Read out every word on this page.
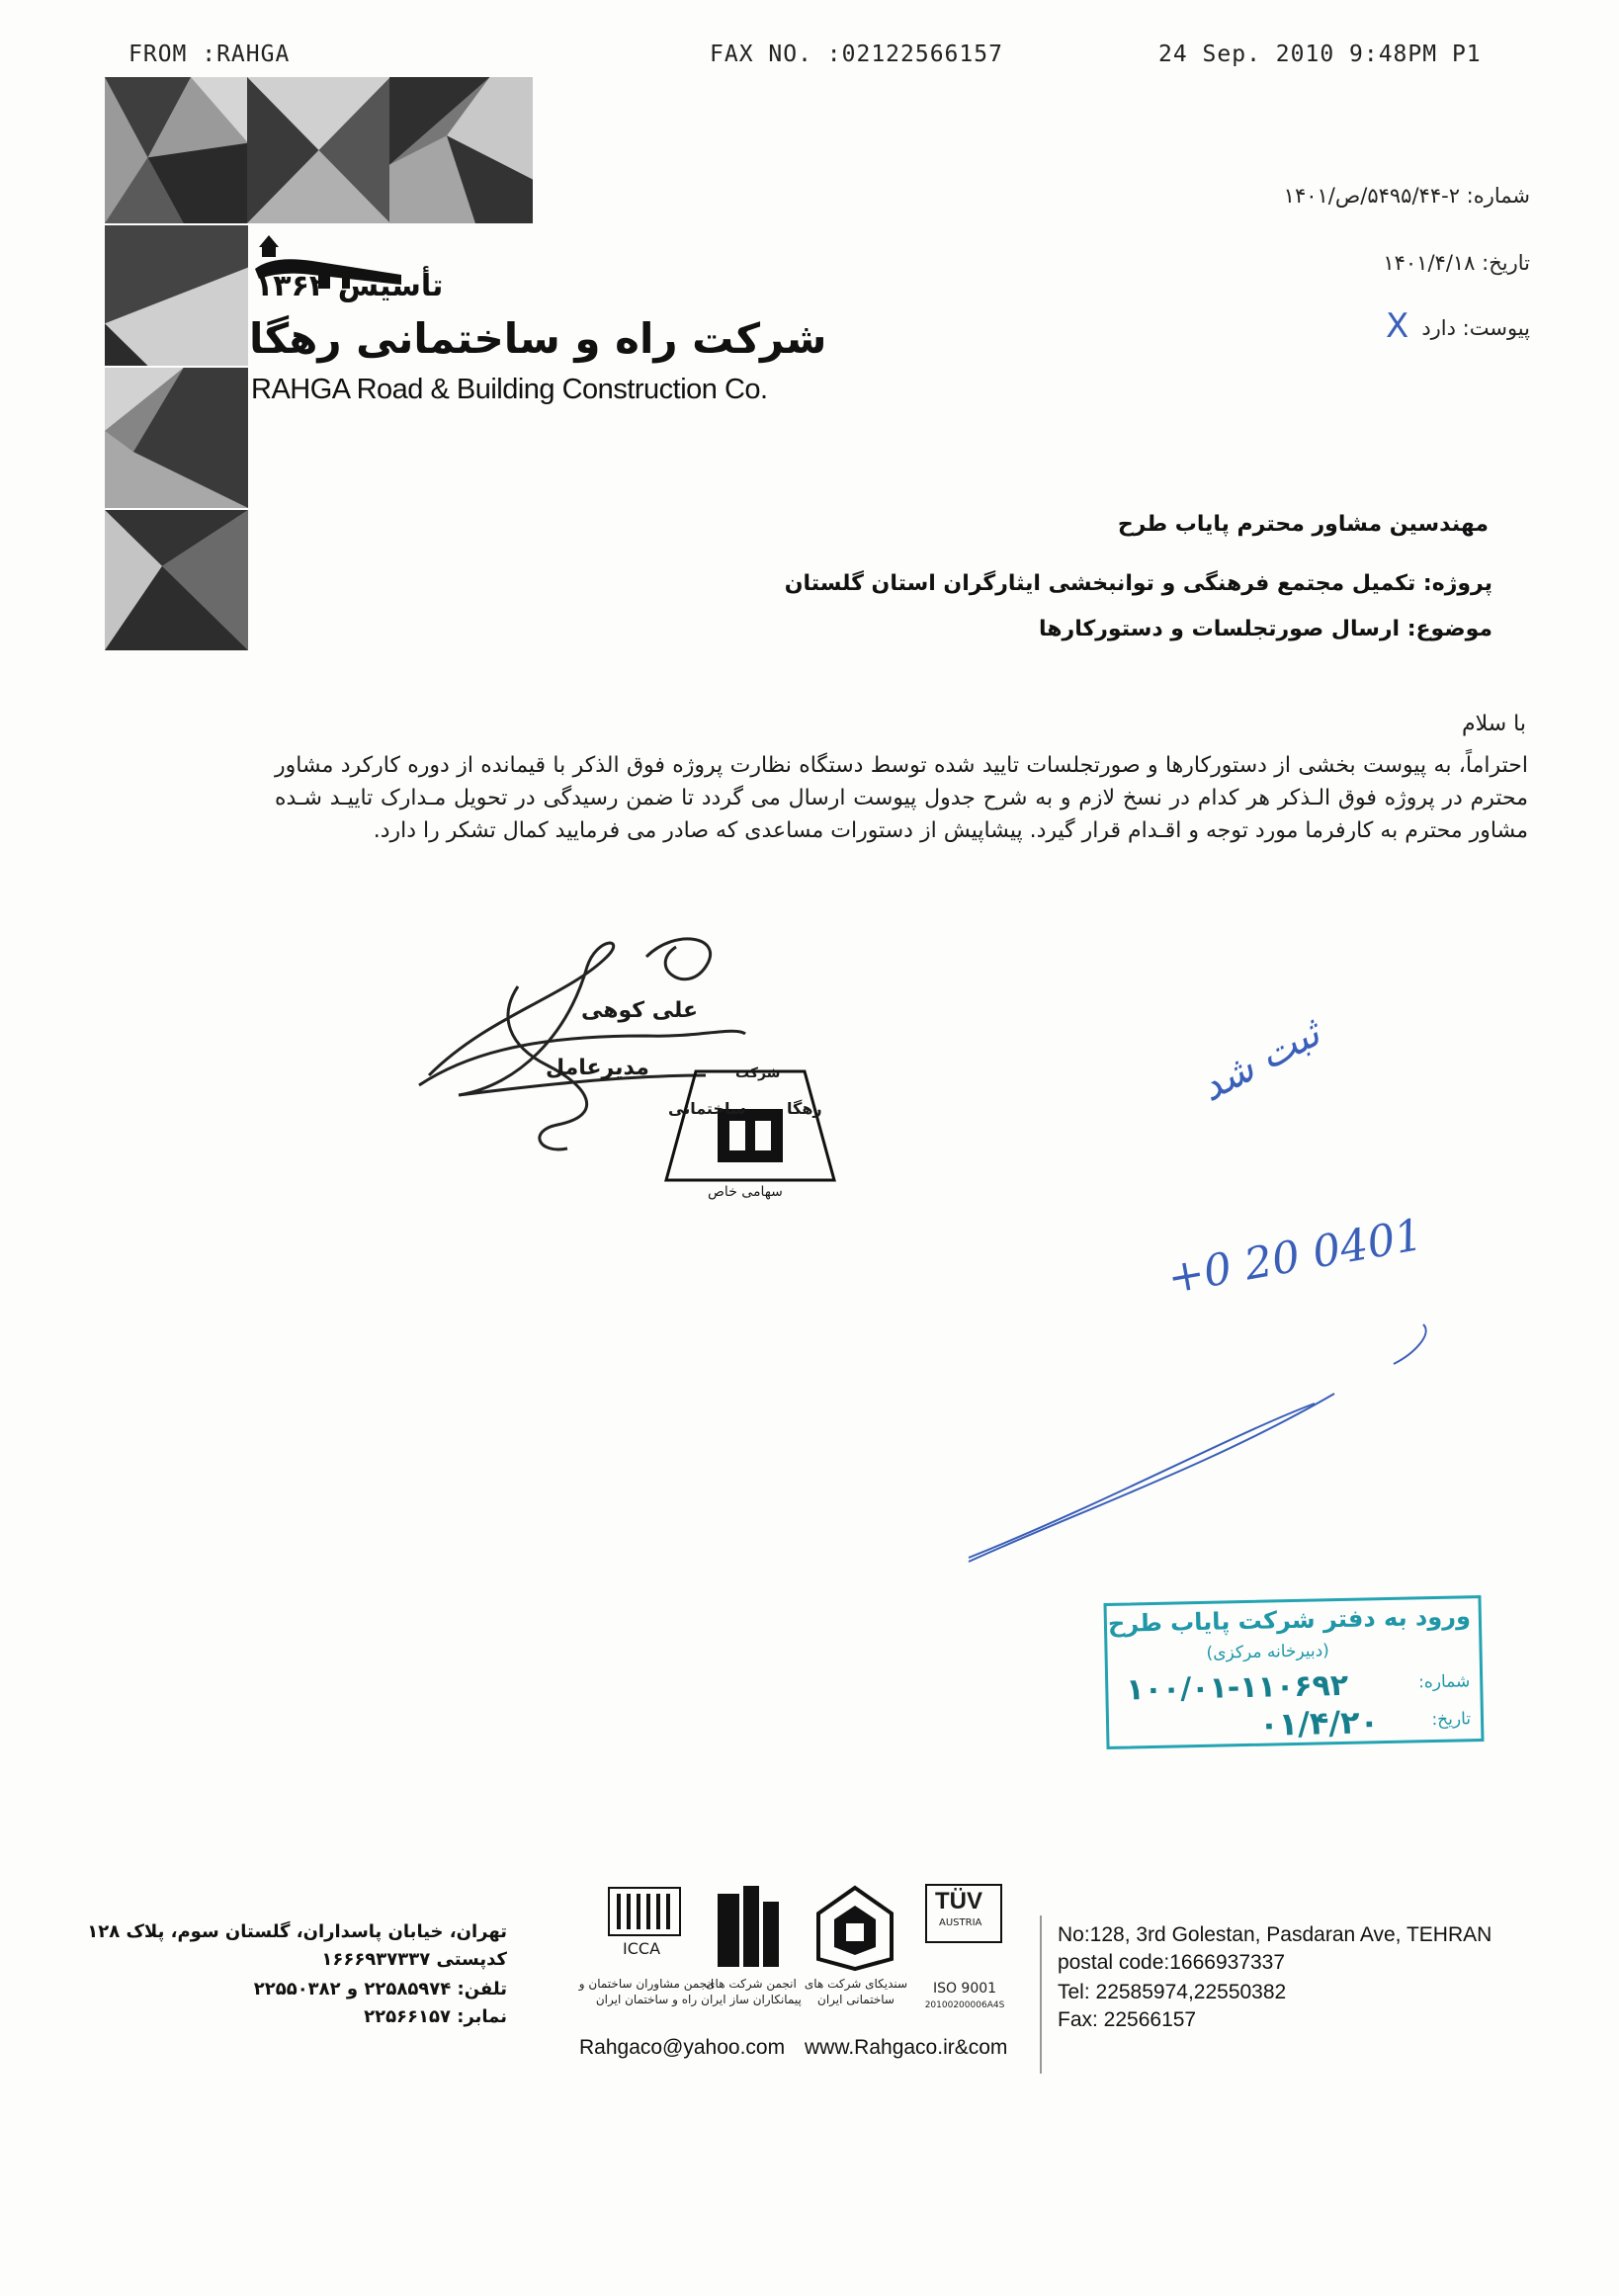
FROM :RAHGA	FAX NO. :02122566157	24 Sep. 2010 9:48PM P1
تأسیس ۱۳۶۲
شرکت راه و ساختمانی رهگا
RAHGA Road & Building Construction Co.
شماره: ۲-۵۴۹۵/۴۴/ص/۱۴۰۱
تاریخ: ۱۴۰۱/۴/۱۸
پیوست: دارد
X
مهندسین مشاور محترم پایاب طرح
پروژه: تکمیل مجتمع فرهنگی و توانبخشی ایثارگران استان گلستان
موضوع: ارسال صورتجلسات و دستورکارها
با سلام
احتراماً، به پیوست بخشی از دستورکارها و صورتجلسات تایید شده توسط دستگاه نظارت پروژه فوق الذکر با قیمانده از دوره کارکرد مشاور محترم در پروژه فوق الـذکر هر کدام در نسخ لازم و به شرح جدول پیوست ارسال می گردد تا ضمن رسیدگی در تحویل مـدارک تاییـد شـده مشاور محترم به کارفرما مورد توجه و اقـدام قرار گیرد. پیشاپیش از دستورات مساعدی که صادر می فرمایید کمال تشکر را دارد.
علی کوهی
مدیرعامل	شرکت
ساختمانی	رهگا
سهامی خاص
ثبت شد
+0 20 0401
ورود به دفتر شرکت پایاب طرح
(دبیرخانه مرکزی)
شماره:
۱۰۰/۰۱-۱۱۰۶۹۲
تاریخ:
۰۱/۴/۲۰
تهران، خیابان پاسداران، گلستان سوم، پلاک ۱۲۸
کدپستی ۱۶۶۶۹۳۷۳۳۷
تلفن: ۲۲۵۸۵۹۷۴ و ۲۲۵۵۰۳۸۲
نمابر: ۲۲۵۶۶۱۵۷
ICCA
انجمن مشاوران ساختمان و
راه و ساختمان ایران
انجمن شرکت های
پیمانکاران ساز ایران
سندیکای شرکت های
ساختمانی ایران
TÜV
AUSTRIA
ISO 9001
20100200006A4S
Rahgaco@yahoo.com www.Rahgaco.ir&com
No:128, 3rd Golestan, Pasdaran Ave, TEHRAN
postal code:1666937337
Tel: 22585974,22550382
Fax: 22566157
